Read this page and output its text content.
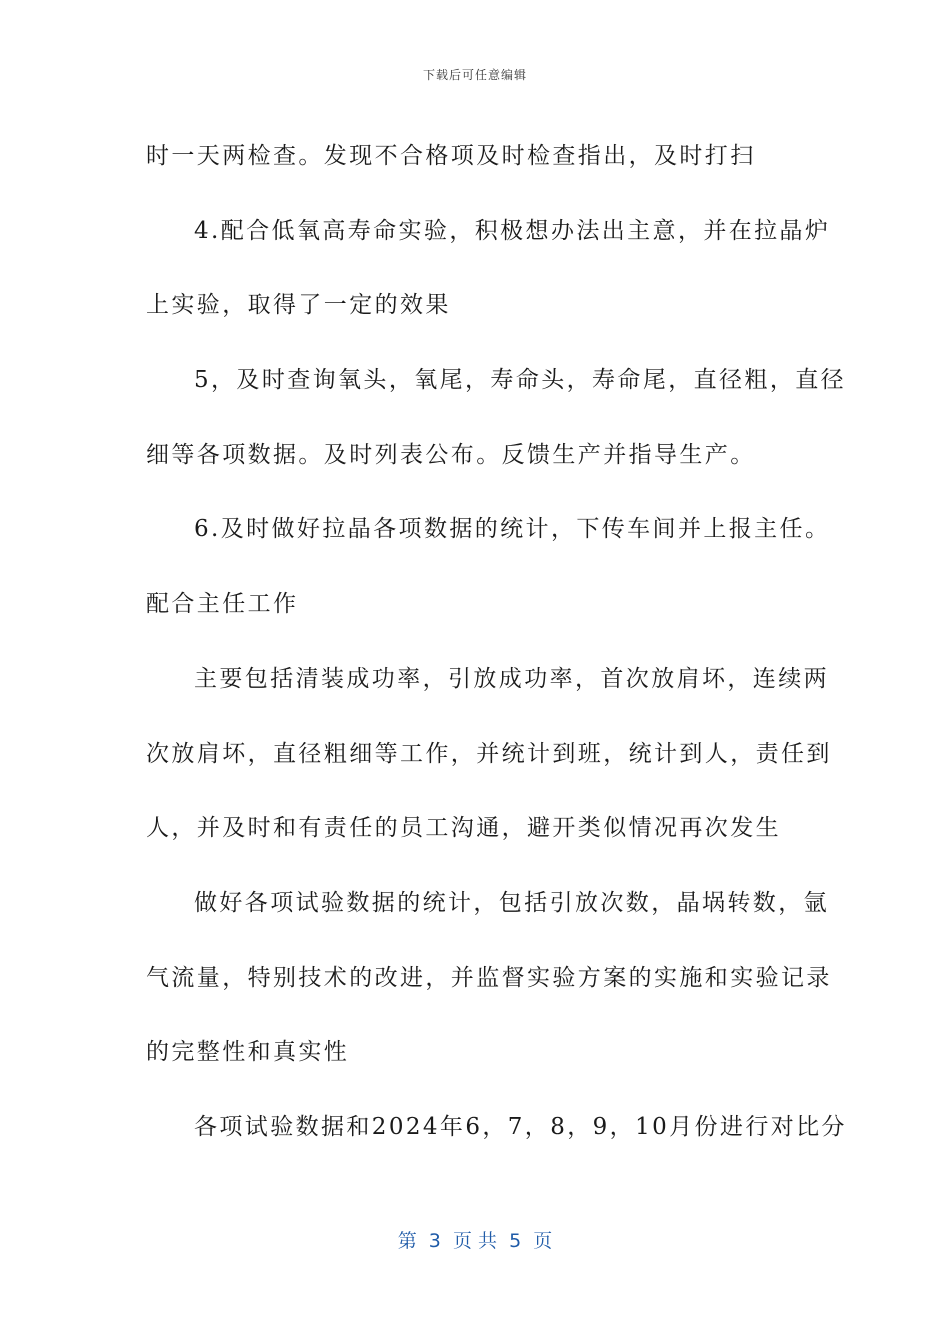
下载后可任意编辑
时一天两检查。发现不合格项及时检查指出，及时打扫
4.配合低氧高寿命实验，积极想办法出主意，并在拉晶炉
上实验，取得了一定的效果
5，及时查询氧头，氧尾，寿命头，寿命尾，直径粗，直径
细等各项数据。及时列表公布。反馈生产并指导生产。
6.及时做好拉晶各项数据的统计，下传车间并上报主任。
配合主任工作
主要包括清装成功率，引放成功率，首次放肩坏，连续两
次放肩坏，直径粗细等工作，并统计到班，统计到人，责任到
人，并及时和有责任的员工沟通，避开类似情况再次发生
做好各项试验数据的统计，包括引放次数，晶埚转数，氩
气流量，特别技术的改进，并监督实验方案的实施和实验记录
的完整性和真实性
各项试验数据和2024年6，7，8，9，10月份进行对比分
第  3  页 共  5  页
